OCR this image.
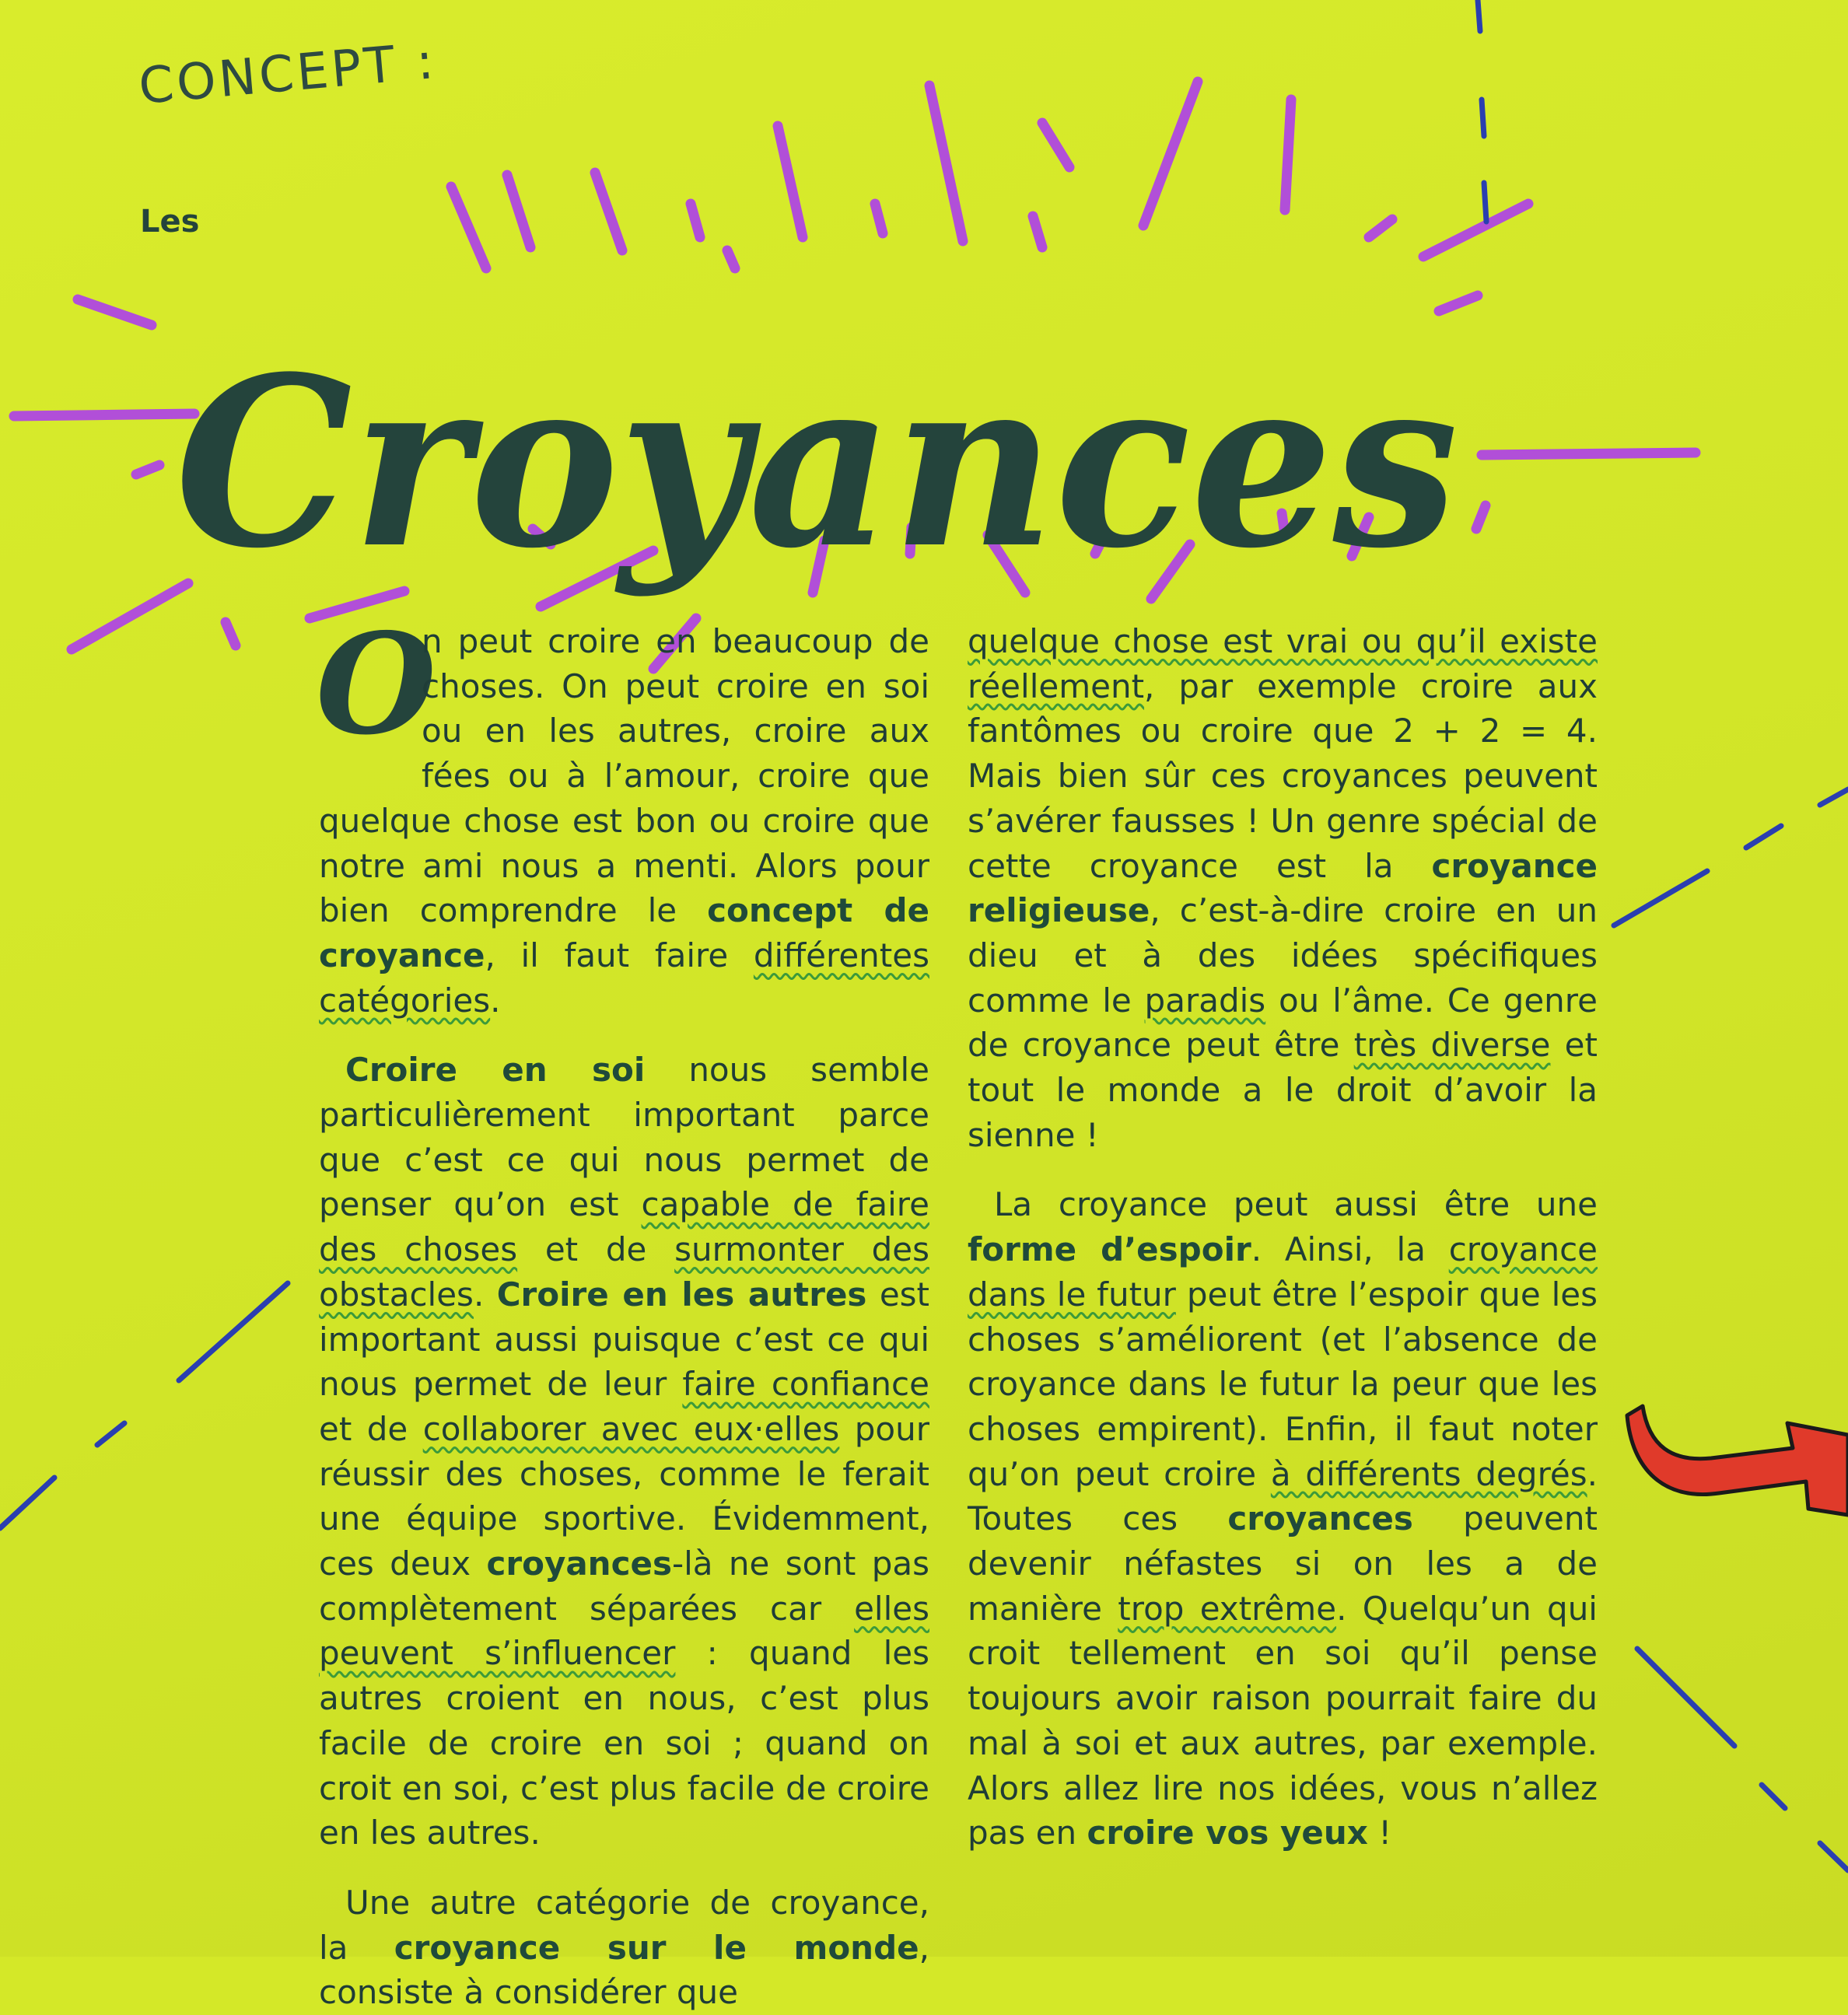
CONCEPT :
Les
Croyances

O
n peut croire en beaucoup de choses. On peut croire en soi ou en les autres, croire aux fées ou à l’amour, croire que quelque chose est bon ou croire que notre ami nous a menti. Alors pour bien comprendre le concept de croyance, il faut faire différentes catégories.

Croire en soi nous semble particulièrement important parce que c’est ce qui nous permet de penser qu’on est capable de faire des choses et de surmonter des obstacles. Croire en les autres est important aussi puisque c’est ce qui nous permet de leur faire confiance et de collaborer avec eux·elles pour réussir des choses, comme le ferait une équipe sportive. Évidemment, ces deux croyances-là ne sont pas complètement séparées car elles peuvent s’influencer : quand les autres croient en nous, c’est plus facile de croire en soi ; quand on croit en soi, c’est plus facile de croire en les autres.

Une autre catégorie de croyance, la croyance sur le monde, consiste à considérer que

quelque chose est vrai ou qu’il existe réellement, par exemple croire aux fantômes ou croire que 2 + 2 = 4. Mais bien sûr ces croyances peuvent s’avérer fausses ! Un genre spécial de cette croyance est la croyance religieuse, c’est-à-dire croire en un dieu et à des idées spécifiques comme le paradis ou l’âme. Ce genre de croyance peut être très diverse et tout le monde a le droit d’avoir la sienne !

La croyance peut aussi être une forme d’espoir. Ainsi, la croyance dans le futur peut être l’espoir que les choses s’améliorent (et l’absence de croyance dans le futur la peur que les choses empirent). Enfin, il faut noter qu’on peut croire à différents degrés. Toutes ces croyances peuvent devenir néfastes si on les a de manière trop extrême. Quelqu’un qui croit tellement en soi qu’il pense toujours avoir raison pourrait faire du mal à soi et aux autres, par exemple. Alors allez lire nos idées, vous n’allez pas en croire vos yeux !
